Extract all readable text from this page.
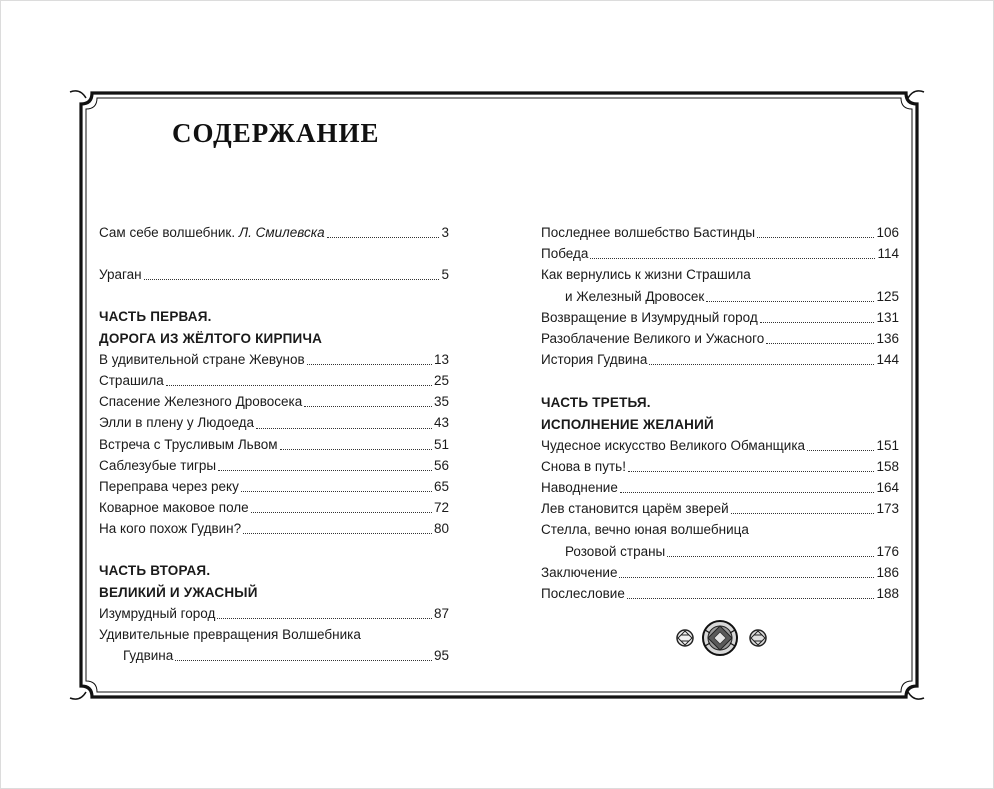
СОДЕРЖАНИЕ
Сам себе волшебник. Л. Смилевска	3
Ураган	5
ЧАСТЬ ПЕРВАЯ.
ДОРОГА ИЗ ЖЁЛТОГО КИРПИЧА
В удивительной стране Жевунов	13
Страшила	25
Спасение Железного Дровосека	35
Элли в плену у Людоеда	43
Встреча с Трусливым Львом	51
Саблезубые тигры	56
Переправа через реку	65
Коварное маковое поле	72
На кого похож Гудвин?	80
ЧАСТЬ ВТОРАЯ.
ВЕЛИКИЙ И УЖАСНЫЙ
Изумрудный город	87
Удивительные превращения Волшебника
Гудвина	95
Последнее волшебство Бастинды	106
Победа	114
Как вернулись к жизни Страшила
и Железный Дровосек	125
Возвращение в Изумрудный город	131
Разоблачение Великого и Ужасного	136
История Гудвина	144
ЧАСТЬ ТРЕТЬЯ.
ИСПОЛНЕНИЕ ЖЕЛАНИЙ
Чудесное искусство Великого Обманщика	151
Снова в путь!	158
Наводнение	164
Лев становится царём зверей	173
Стелла, вечно юная волшебница
Розовой страны	176
Заключение	186
Послесловие	188
